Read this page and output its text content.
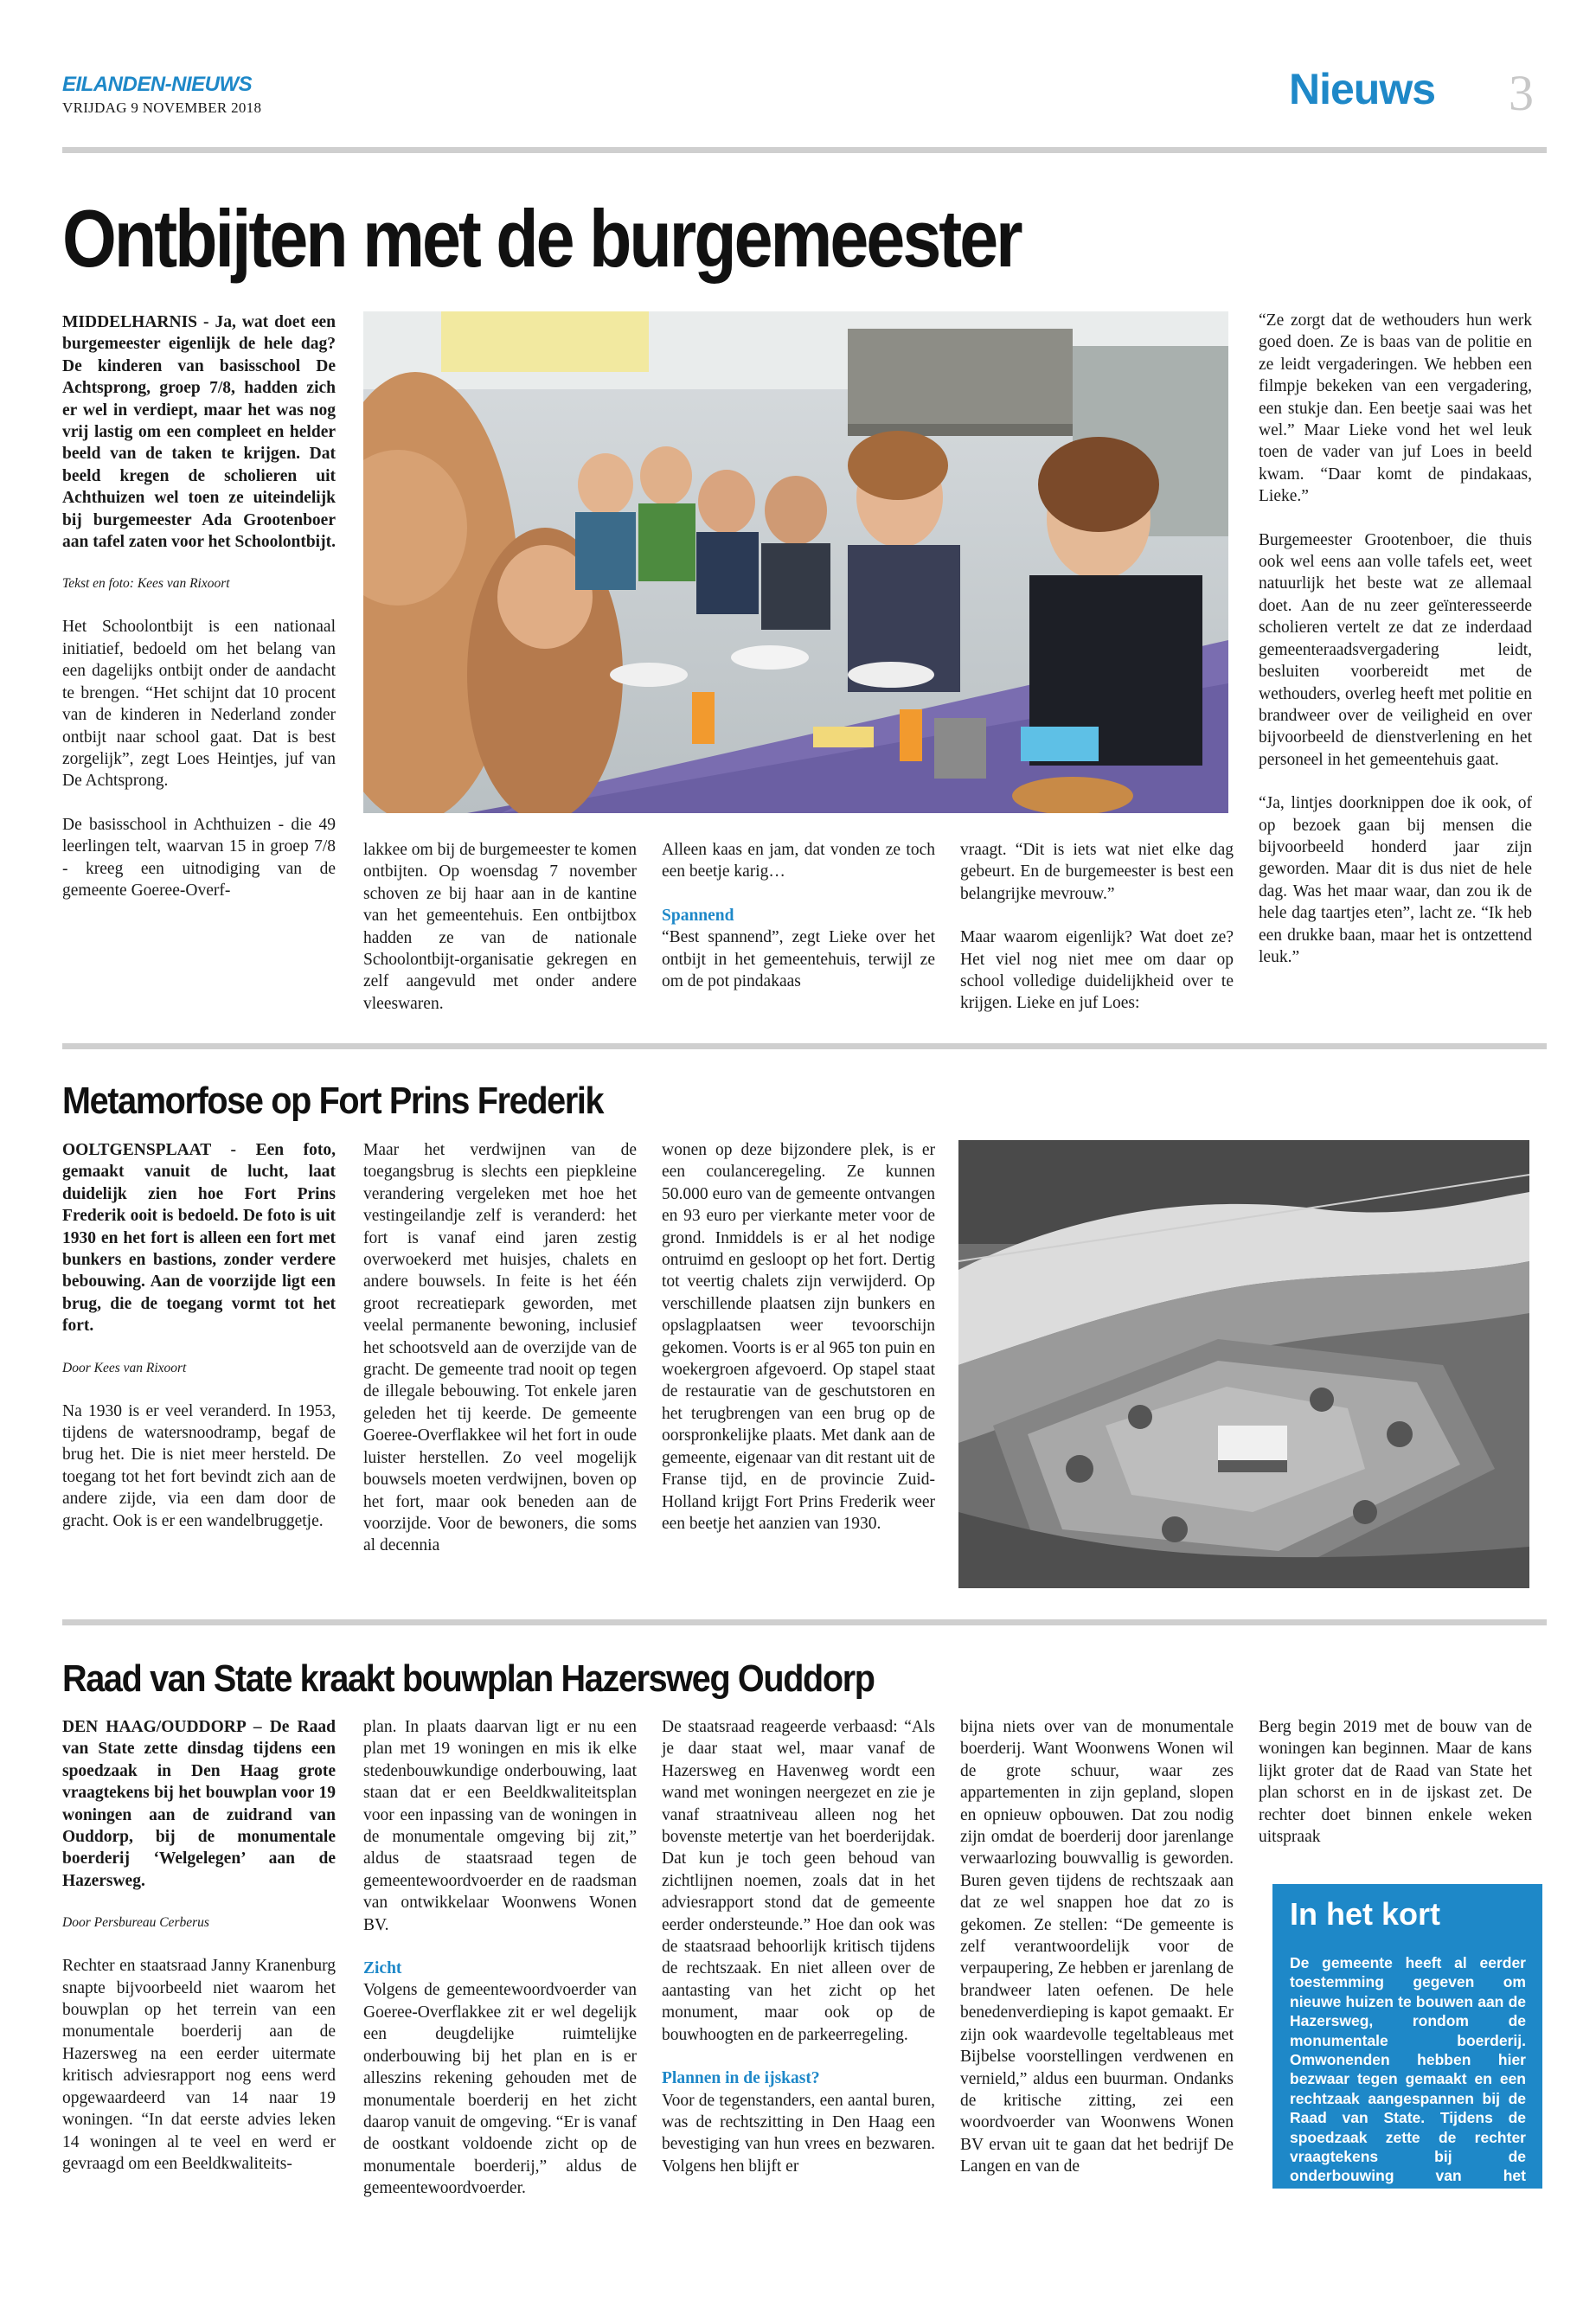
EILANDEN-NIEUWS
VRIJDAG 9 NOVEMBER 2018	Nieuws 3
Ontbijten met de burgemeester

MIDDELHARNIS - Ja, wat doet een burgemeester eigenlijk de hele dag? De kinderen van basisschool De Achtsprong, groep 7/8, hadden zich er wel in verdiept, maar het was nog vrij lastig om een compleet en helder beeld van de taken te krijgen. Dat beeld kregen de scholieren uit Achthuizen wel toen ze uiteindelijk bij burgemeester Ada Grootenboer aan tafel zaten voor het Schoolontbijt.

Tekst en foto: Kees van Rixoort

Het Schoolontbijt is een nationaal initiatief, bedoeld om het belang van een dagelijks ontbijt onder de aandacht te brengen. “Het schijnt dat 10 procent van de kinderen in Nederland zonder ontbijt naar school gaat. Dat is best zorgelijk”, zegt Loes Heintjes, juf van De Achtsprong.

De basisschool in Achthuizen - die 49 leerlingen telt, waarvan 15 in groep 7/8 - kreeg een uitnodiging van de gemeente Goeree-Overf-

lakkee om bij de burgemeester te komen ontbijten. Op woensdag 7 november schoven ze bij haar aan in de kantine van het gemeentehuis. Een ontbijtbox hadden ze van de nationale Schoolontbijt-organisatie gekregen en zelf aangevuld met onder andere vleeswaren.

Alleen kaas en jam, dat vonden ze toch een beetje karig…

Spannend

“Best spannend”, zegt Lieke over het ontbijt in het gemeentehuis, terwijl ze om de pot pindakaas

vraagt. “Dit is iets wat niet elke dag gebeurt. En de burgemeester is best een belangrijke mevrouw.”

Maar waarom eigenlijk? Wat doet ze? Het viel nog niet mee om daar op school volledige duidelijkheid over te krijgen. Lieke en juf Loes:

“Ze zorgt dat de wethouders hun werk goed doen. Ze is baas van de politie en ze leidt vergaderingen. We hebben een filmpje bekeken van een vergadering, een stukje dan. Een beetje saai was het wel.” Maar Lieke vond het wel leuk toen de vader van juf Loes in beeld kwam. “Daar komt de pindakaas, Lieke.”

Burgemeester Grootenboer, die thuis ook wel eens aan volle tafels eet, weet natuurlijk het beste wat ze allemaal doet. Aan de nu zeer geïnteresseerde scholieren vertelt ze dat ze inderdaad gemeenteraadsvergadering leidt, besluiten voorbereidt met de wethouders, overleg heeft met politie en brandweer over de veiligheid en over bijvoorbeeld de dienstverlening en het personeel in het gemeentehuis gaat.

“Ja, lintjes doorknippen doe ik ook, of op bezoek gaan bij mensen die bijvoorbeeld honderd jaar zijn geworden. Maar dit is dus niet de hele dag. Was het maar waar, dan zou ik de hele dag taartjes eten”, lacht ze. “Ik heb een drukke baan, maar het is ontzettend leuk.”

Metamorfose op Fort Prins Frederik

OOLTGENSPLAAT - Een foto, gemaakt vanuit de lucht, laat duidelijk zien hoe Fort Prins Frederik ooit is bedoeld. De foto is uit 1930 en het fort is alleen een fort met bunkers en bastions, zonder verdere bebouwing. Aan de voorzijde ligt een brug, die de toegang vormt tot het fort.

Door Kees van Rixoort

Na 1930 is er veel veranderd. In 1953, tijdens de watersnoodramp, begaf de brug het. Die is niet meer hersteld. De toegang tot het fort bevindt zich aan de andere zijde, via een dam door de gracht. Ook is er een wandelbruggetje.

Maar het verdwijnen van de toegangsbrug is slechts een piepkleine verandering vergeleken met hoe het vestingeilandje zelf is veranderd: het fort is vanaf eind jaren zestig overwoekerd met huisjes, chalets en andere bouwsels. In feite is het één groot recreatiepark geworden, met veelal permanente bewoning, inclusief het schootsveld aan de overzijde van de gracht. De gemeente trad nooit op tegen de illegale bebouwing. Tot enkele jaren geleden het tij keerde. De gemeente Goeree-Overflakkee wil het fort in oude luister herstellen. Zo veel mogelijk bouwsels moeten verdwijnen, boven op het fort, maar ook beneden aan de voorzijde. Voor de bewoners, die soms al decennia

wonen op deze bijzondere plek, is er een coulanceregeling. Ze kunnen 50.000 euro van de gemeente ontvangen en 93 euro per vierkante meter voor de grond. Inmiddels is er al het nodige ontruimd en gesloopt op het fort. Dertig tot veertig chalets zijn verwijderd. Op verschillende plaatsen zijn bunkers en opslagplaatsen weer tevoorschijn gekomen. Voorts is er al 965 ton puin en woekergroen afgevoerd. Op stapel staat de restauratie van de geschutstoren en het terugbrengen van een brug op de oorspronkelijke plaats. Met dank aan de gemeente, eigenaar van dit restant uit de Franse tijd, en de provincie Zuid-Holland krijgt Fort Prins Frederik weer een beetje het aanzien van 1930.

Raad van State kraakt bouwplan Hazersweg Ouddorp

DEN HAAG/OUDDORP – De Raad van State zette dinsdag tijdens een spoedzaak in Den Haag grote vraagtekens bij het bouwplan voor 19 woningen aan de zuidrand van Ouddorp, bij de monumentale boerderij ‘Welgelegen’ aan de Hazersweg.

Door Persbureau Cerberus

Rechter en staatsraad Janny Kranenburg snapte bijvoorbeeld niet waarom het bouwplan op het terrein van een monumentale boerderij aan de Hazersweg na een eerder uitermate kritisch adviesrapport nog eens werd opgewaardeerd van 14 naar 19 woningen. “In dat eerste advies leken 14 woningen al te veel en werd er gevraagd om een Beeldkwaliteits-

plan. In plaats daarvan ligt er nu een plan met 19 woningen en mis ik elke stedenbouwkundige onderbouwing, laat staan dat er een Beeldkwaliteitsplan voor een inpassing van de woningen in de monumentale omgeving bij zit,” aldus de staatsraad tegen de gemeentewoordvoerder en de raadsman van ontwikkelaar Woonwens Wonen BV.

Zicht

Volgens de gemeentewoordvoerder van Goeree-Overflakkee zit er wel degelijk een deugdelijke ruimtelijke onderbouwing bij het plan en is er alleszins rekening gehouden met de monumentale boerderij en het zicht daarop vanuit de omgeving. “Er is vanaf de oostkant voldoende zicht op de monumentale boerderij,” aldus de gemeentewoordvoerder.

De staatsraad reageerde verbaasd: “Als je daar staat wel, maar vanaf de Hazersweg en Havenweg wordt een wand met woningen neergezet en zie je vanaf straatniveau alleen nog het bovenste metertje van het boerderijdak. Dat kun je toch geen behoud van zichtlijnen noemen, zoals dat in het adviesrapport stond dat de gemeente eerder ondersteunde.” Hoe dan ook was de staatsraad behoorlijk kritisch tijdens de rechtszaak. En niet alleen over de aantasting van het zicht op het monument, maar ook op de bouwhoogten en de parkeerregeling.

Plannen in de ijskast?

Voor de tegenstanders, een aantal buren, was de rechtszitting in Den Haag een bevestiging van hun vrees en bezwaren. Volgens hen blijft er

bijna niets over van de monumentale boerderij. Want Woonwens Wonen wil de grote schuur, waar zes appartementen in zijn gepland, slopen en opnieuw opbouwen. Dat zou nodig zijn omdat de boerderij door jarenlange verwaarlozing bouwvallig is geworden. Buren geven tijdens de rechtszaak aan dat ze wel snappen hoe dat zo is gekomen. Ze stellen: “De gemeente is zelf verantwoordelijk voor de verpaupering, Ze hebben er jarenlang de brandweer laten oefenen. De hele benedenverdieping is kapot gemaakt. Er zijn ook waardevolle tegeltableaus met Bijbelse voorstellingen verdwenen en vernield,” aldus een buurman. Ondanks de kritische zitting, zei een woordvoerder van Woonwens Wonen BV ervan uit te gaan dat het bedrijf De Langen en van de

Berg begin 2019 met de bouw van de woningen kan beginnen. Maar de kans lijkt groter dat de Raad van State het plan schorst en in de ijskast zet. De rechter doet binnen enkele weken uitspraak

In het kort

De gemeente heeft al eerder toestemming gegeven om nieuwe huizen te bouwen aan de Hazersweg, rondom de monumentale boerderij. Omwonenden hebben hier bezwaar tegen gemaakt en een rechtzaak aangespannen bij de Raad van State. Tijdens de spoedzaak zette de rechter vraagtekens bij de onderbouwing van het bouwproject.
